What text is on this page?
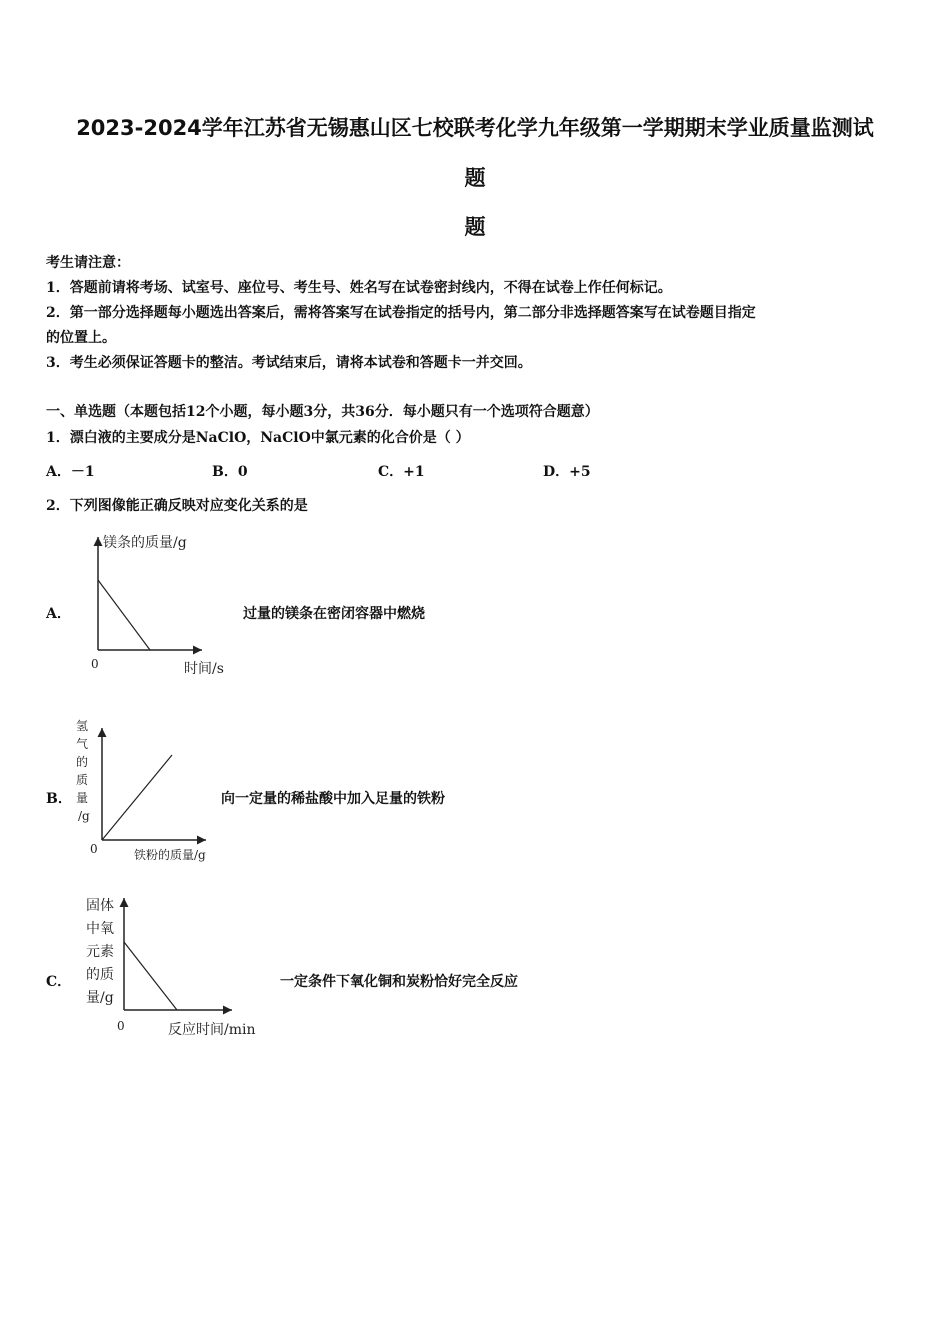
2023-2024学年江苏省无锡惠山区七校联考化学九年级第一学期期末学业质量监测试
题
题
考生请注意：
1．答题前请将考场、试室号、座位号、考生号、姓名写在试卷密封线内，不得在试卷上作任何标记。
2．第一部分选择题每小题选出答案后，需将答案写在试卷指定的括号内，第二部分非选择题答案写在试卷题目指定
的位置上。
3．考生必须保证答题卡的整洁。考试结束后，请将本试卷和答题卡一并交回。
一、单选题（本题包括12个小题，每小题3分，共36分．每小题只有一个选项符合题意）
1．漂白液的主要成分是NaClO，NaClO中氯元素的化合价是（ ）
A．－1	B．0	C．+1	D．+5
2．下列图像能正确反映对应变化关系的是
A．
镁条的质量/g
0	时间/s
过量的镁条在密闭容器中燃烧
B．
氢
气
的
质
量
/g
0	铁粉的质量/g
向一定量的稀盐酸中加入足量的铁粉
C．
固体
中氧
元素
的质
量/g
0	反应时间/min
一定条件下氧化铜和炭粉恰好完全反应
